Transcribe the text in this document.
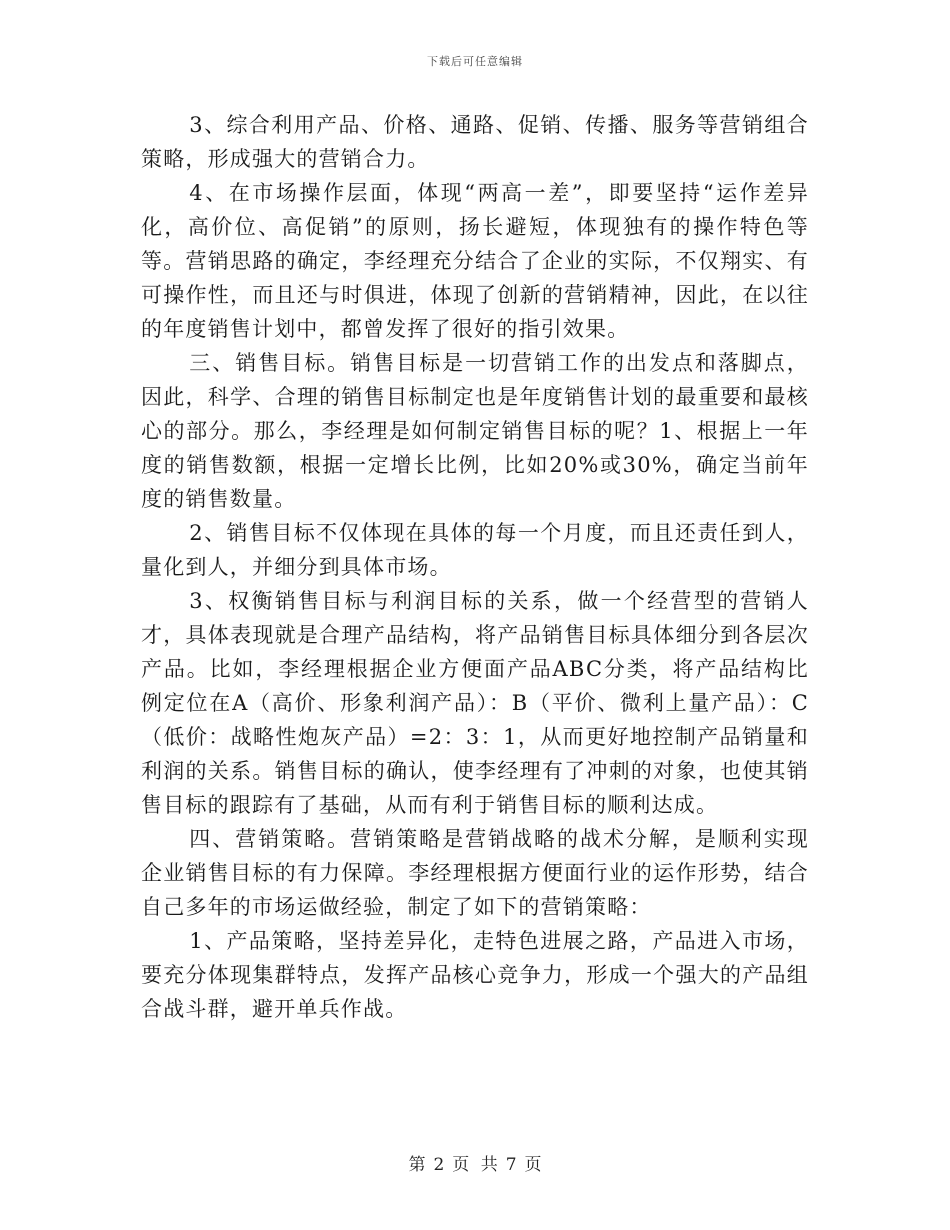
下载后可任意编辑

3、综合利用产品、价格、通路、促销、传播、服务等营销组合策略，形成强大的营销合力。

4、在市场操作层面，体现“两高一差”，即要坚持“运作差异化，高价位、高促销”的原则，扬长避短，体现独有的操作特色等等。营销思路的确定，李经理充分结合了企业的实际，不仅翔实、有可操作性，而且还与时俱进，体现了创新的营销精神，因此，在以往的年度销售计划中，都曾发挥了很好的指引效果。

三、销售目标。销售目标是一切营销工作的出发点和落脚点，因此，科学、合理的销售目标制定也是年度销售计划的最重要和最核心的部分。那么，李经理是如何制定销售目标的呢？1、根据上一年度的销售数额，根据一定增长比例，比如20%或30%，确定当前年度的销售数量。

2、销售目标不仅体现在具体的每一个月度，而且还责任到人，量化到人，并细分到具体市场。

3、权衡销售目标与利润目标的关系，做一个经营型的营销人才，具体表现就是合理产品结构，将产品销售目标具体细分到各层次产品。比如，李经理根据企业方便面产品ABC分类，将产品结构比例定位在A（高价、形象利润产品）：B（平价、微利上量产品）：C（低价：战略性炮灰产品）=2：3：1，从而更好地控制产品销量和利润的关系。销售目标的确认，使李经理有了冲刺的对象，也使其销售目标的跟踪有了基础，从而有利于销售目标的顺利达成。

四、营销策略。营销策略是营销战略的战术分解，是顺利实现企业销售目标的有力保障。李经理根据方便面行业的运作形势，结合自己多年的市场运做经验，制定了如下的营销策略：

1、产品策略，坚持差异化，走特色进展之路，产品进入市场，要充分体现集群特点，发挥产品核心竞争力，形成一个强大的产品组合战斗群，避开单兵作战。

第 2 页 共 7 页
